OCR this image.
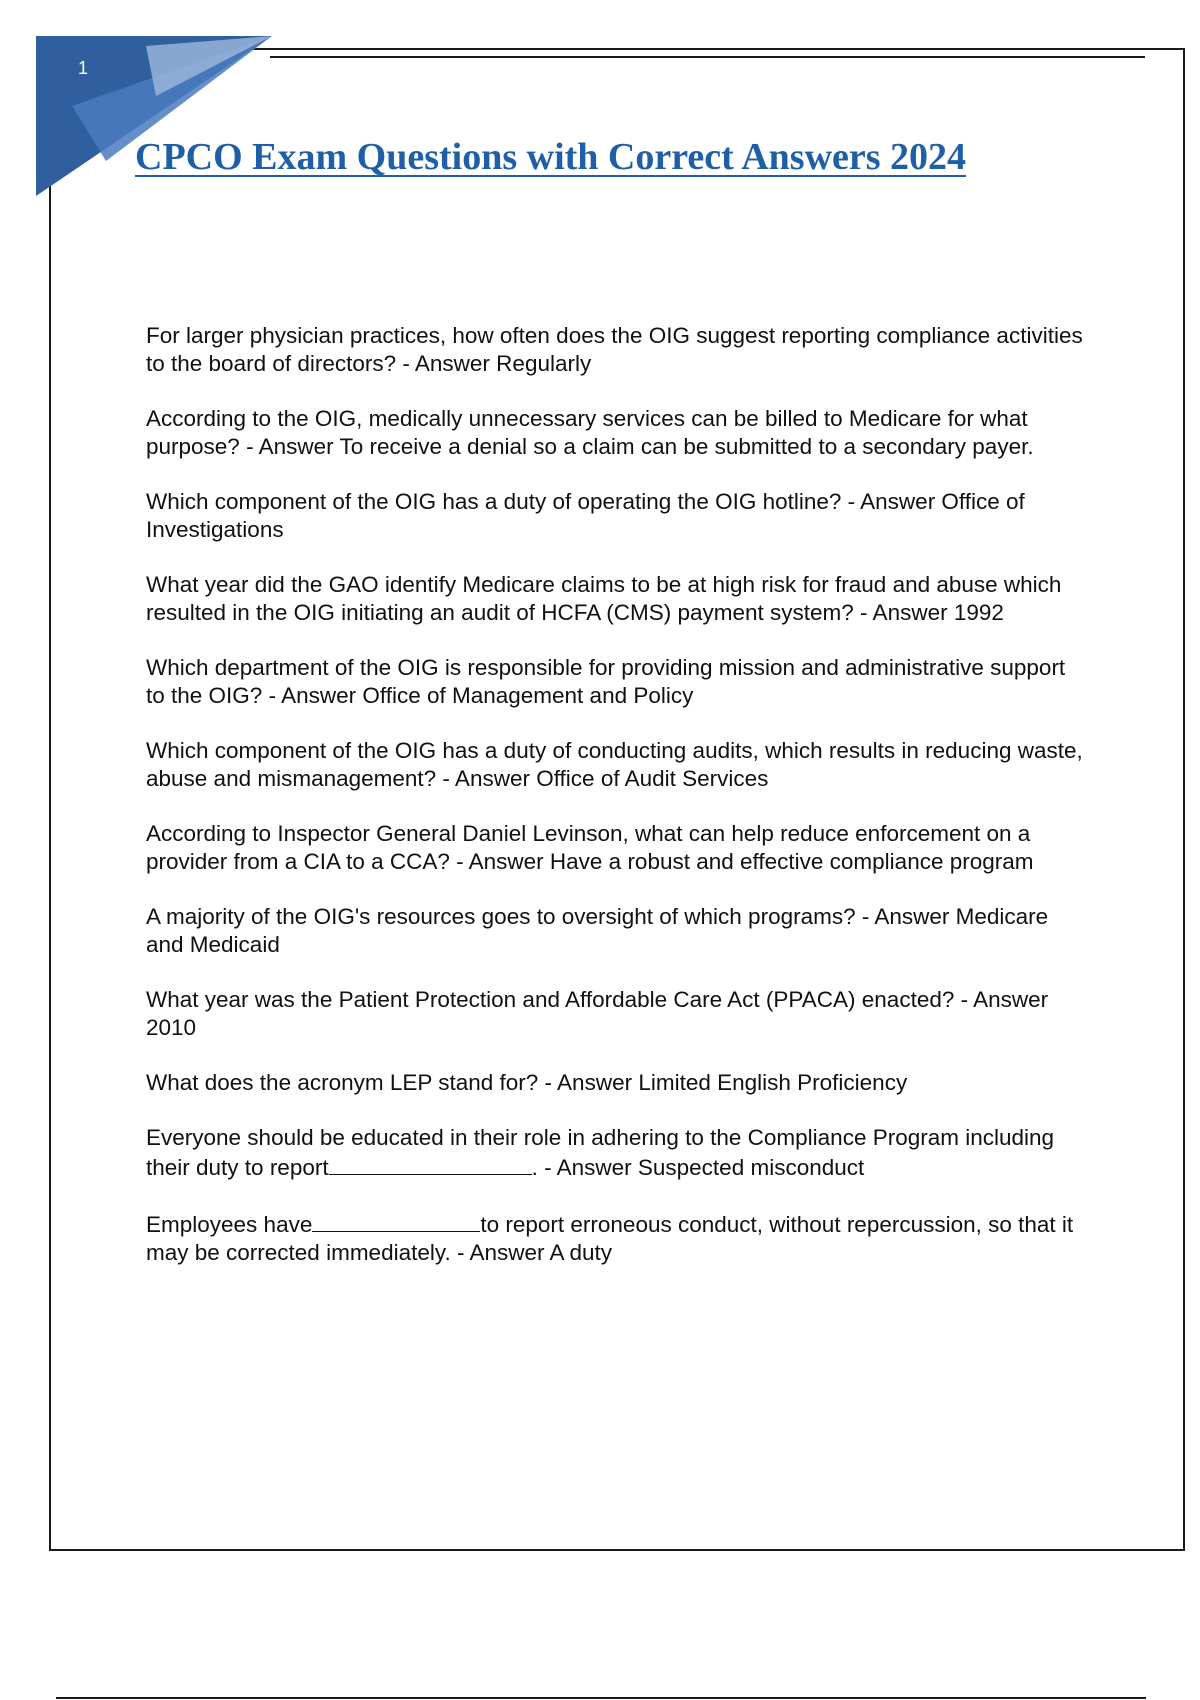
1
CPCO Exam Questions with Correct Answers 2024
For larger physician practices, how often does the OIG suggest reporting compliance activities to the board of directors? - Answer Regularly
According to the OIG, medically unnecessary services can be billed to Medicare for what purpose? - Answer To receive a denial so a claim can be submitted to a secondary payer.
Which component of the OIG has a duty of operating the OIG hotline? - Answer Office of Investigations
What year did the GAO identify Medicare claims to be at high risk for fraud and abuse which resulted in the OIG initiating an audit of HCFA (CMS) payment system? - Answer 1992
Which department of the OIG is responsible for providing mission and administrative support to the OIG? - Answer Office of Management and Policy
Which component of the OIG has a duty of conducting audits, which results in reducing waste, abuse and mismanagement? - Answer Office of Audit Services
According to Inspector General Daniel Levinson, what can help reduce enforcement on a provider from a CIA to a CCA? - Answer Have a robust and effective compliance program
A majority of the OIG's resources goes to oversight of which programs? - Answer Medicare and Medicaid
What year was the Patient Protection and Affordable Care Act (PPACA) enacted? - Answer 2010
What does the acronym LEP stand for? - Answer Limited English Proficiency
Everyone should be educated in their role in adhering to the Compliance Program including their duty to report	. - Answer Suspected misconduct
Employees have	to report erroneous conduct, without repercussion, so that it may be corrected immediately. - Answer A duty
